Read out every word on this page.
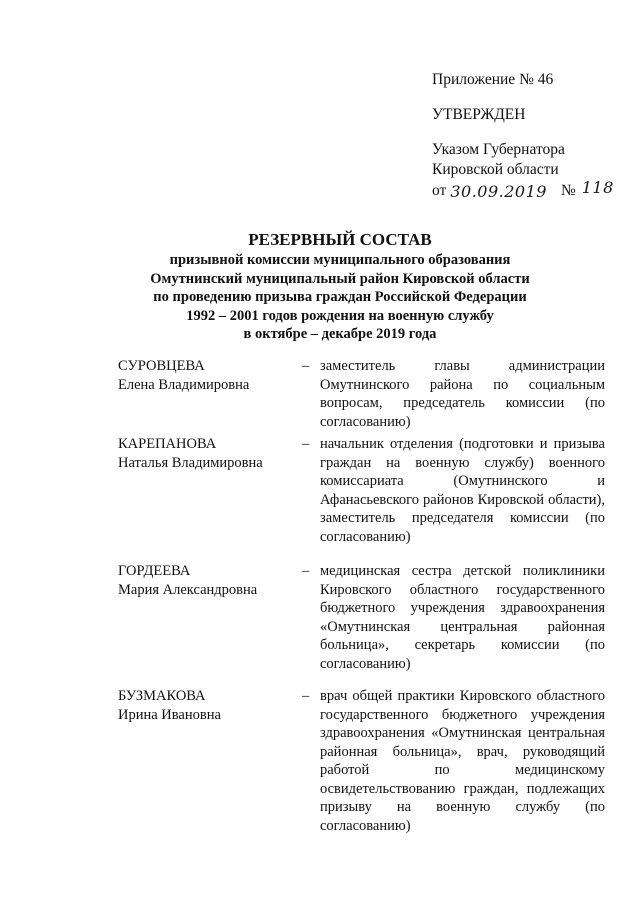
Приложение № 46
УТВЕРЖДЕН
Указом Губернатора
Кировской области
от 30.09.2019 № 118
РЕЗЕРВНЫЙ СОСТАВ
призывной комиссии муниципального образования
Омутнинский муниципальный район Кировской области
по проведению призыва граждан Российской Федерации
1992 – 2001 годов рождения на военную службу
в октябре – декабре 2019 года
СУРОВЦЕВА
Елена Владимировна
– заместитель главы администрации Омутнинского района по социальным вопросам, председатель комиссии (по согласованию)
КАРЕПАНОВА
Наталья Владимировна
– начальник отделения (подготовки и призыва граждан на военную службу) военного комиссариата (Омутнинского и Афанасьевского районов Кировской области), заместитель председателя комиссии (по согласованию)
ГОРДЕЕВА
Мария Александровна
– медицинская сестра детской поликлиники Кировского областного государственного бюджетного учреждения здравоохранения «Омутнинская центральная районная больница», секретарь комиссии (по согласованию)
БУЗМАКОВА
Ирина Ивановна
– врач общей практики Кировского областного государственного бюджетного учреждения здравоохранения «Омутнинская центральная районная больница», врач, руководящий работой по медицинскому освидетельствованию граждан, подлежащих призыву на военную службу (по согласованию)
